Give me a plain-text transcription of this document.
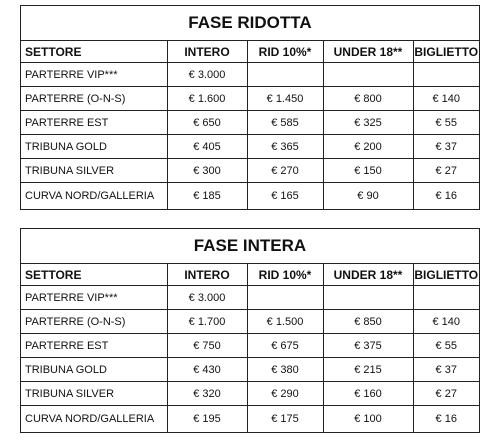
FASE RIDOTTA
SETTORE	INTERO	RID 10%*	UNDER 18**	BIGLIETTO
PARTERRE VIP***	€ 3.000			
PARTERRE (O-N-S)	€ 1.600	€ 1.450	€ 800	€ 140
PARTERRE EST	€ 650	€ 585	€ 325	€ 55
TRIBUNA GOLD	€ 405	€ 365	€ 200	€ 37
TRIBUNA SILVER	€ 300	€ 270	€ 150	€ 27
CURVA NORD/GALLERIA	€ 185	€ 165	€ 90	€ 16
FASE INTERA
SETTORE	INTERO	RID 10%*	UNDER 18**	BIGLIETTO
PARTERRE VIP***	€ 3.000			
PARTERRE (O-N-S)	€ 1.700	€ 1.500	€ 850	€ 140
PARTERRE EST	€ 750	€ 675	€ 375	€ 55
TRIBUNA GOLD	€ 430	€ 380	€ 215	€ 37
TRIBUNA SILVER	€ 320	€ 290	€ 160	€ 27
CURVA NORD/GALLERIA	€ 195	€ 175	€ 100	€ 16
